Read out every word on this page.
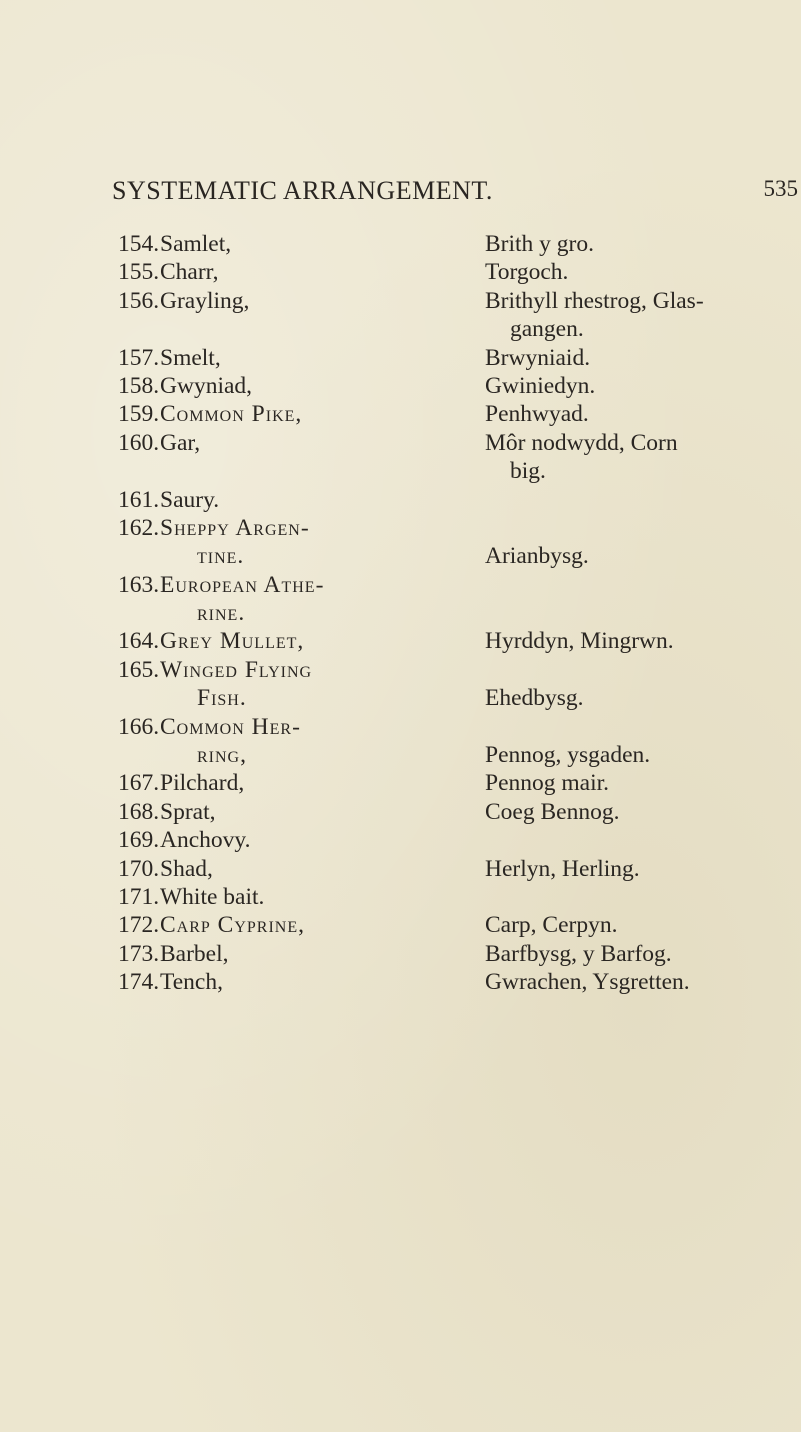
SYSTEMATIC ARRANGEMENT.	535
154. Samlet,	Brith y gro.
155. Charr,	Torgoch.
156. Grayling,	Brithyll rhestrog, Glas-
gangen.
157. Smelt,	Brwyniaid.
158. Gwyniad,	Gwiniedyn.
159. Common Pike,	Penhwyad.
160. Gar,	Môr nodwydd, Corn
big.
161. Saury.
162. Sheppy Argen-
tine.	Arianbysg.
163. European Athe-
rine.
164. Grey Mullet,	Hyrddyn, Mingrwn.
165. Winged Flying
Fish.	Ehedbysg.
166. Common Her-
ring,	Pennog, ysgaden.
167. Pilchard,	Pennog mair.
168. Sprat,	Coeg Bennog.
169. Anchovy.
170. Shad,	Herlyn, Herling.
171. White bait.
172. Carp Cyprine,	Carp, Cerpyn.
173. Barbel,	Barfbysg, y Barfog.
174. Tench,	Gwrachen, Ysgretten.
